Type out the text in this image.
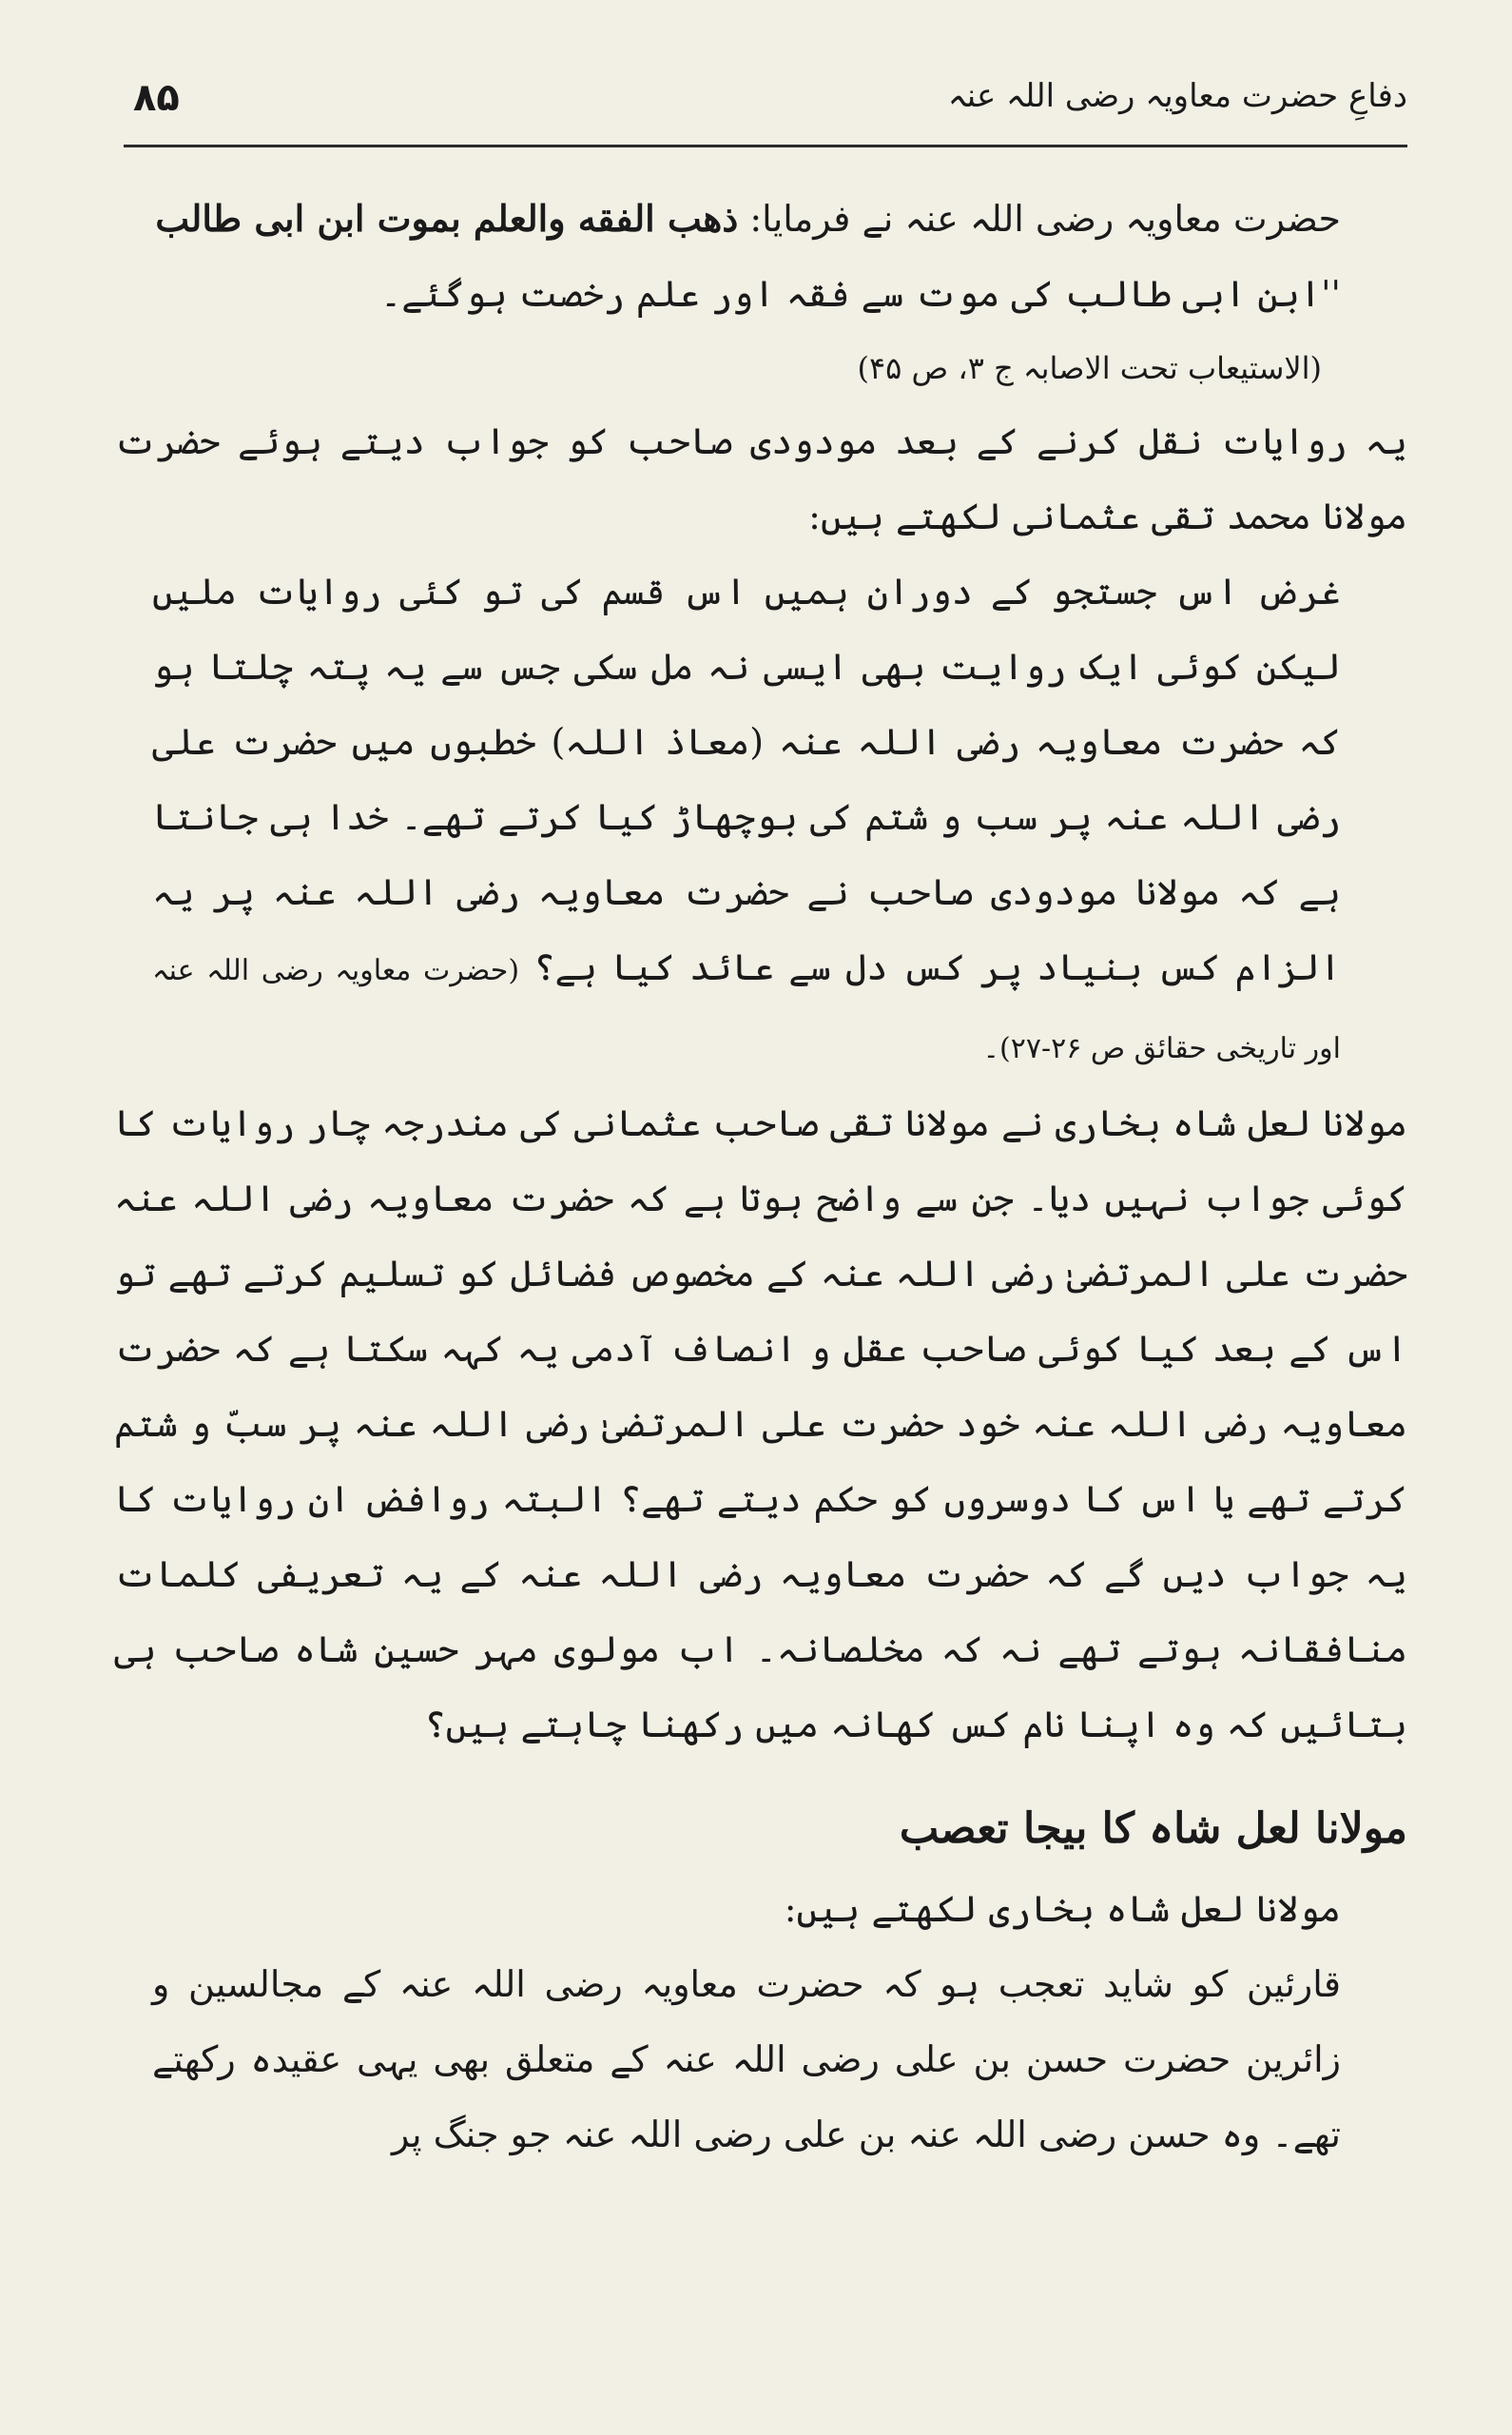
۸۵	دفاعِ حضرت معاویہ رضی اللہ عنہ

حضرت معاویہ رضی اللہ عنہ نے فرمایا: ذهب الفقه والعلم بموت ابن ابی طالب
''ابن ابی طالب کی موت سے فقہ اور علم رخصت ہوگئے۔

(الاستیعاب تحت الاصابہ ج ۳، ص ۴۵)

یہ روایات نقل کرنے کے بعد مودودی صاحب کو جواب دیتے ہوئے حضرت مولانا محمد تقی عثمانی لکھتے ہیں:

غرض اس جستجو کے دوران ہمیں اس قسم کی تو کئی روایات ملیں لیکن کوئی ایک روایت بھی ایسی نہ مل سکی جس سے یہ پتہ چلتا ہو کہ حضرت معاویہ رضی اللہ عنہ (معاذ اللہ) خطبوں میں حضرت علی رضی اللہ عنہ پر سب و شتم کی بوچھاڑ کیا کرتے تھے۔ خدا ہی جانتا ہے کہ مولانا مودودی صاحب نے حضرت معاویہ رضی اللہ عنہ پر یہ الزام کس بنیاد پر کس دل سے عائد کیا ہے؟ (حضرت معاویہ رضی اللہ عنہ اور تاریخی حقائق ص ۲۶-۲۷)۔

مولانا لعل شاہ بخاری نے مولانا تقی صاحب عثمانی کی مندرجہ چار روایات کا کوئی جواب نہیں دیا۔ جن سے واضح ہوتا ہے کہ حضرت معاویہ رضی اللہ عنہ حضرت علی المرتضیٰ رضی اللہ عنہ کے مخصوص فضائل کو تسلیم کرتے تھے تو اس کے بعد کیا کوئی صاحب عقل و انصاف آدمی یہ کہہ سکتا ہے کہ حضرت معاویہ رضی اللہ عنہ خود حضرت علی المرتضیٰ رضی اللہ عنہ پر سبّ و شتم کرتے تھے یا اس کا دوسروں کو حکم دیتے تھے؟ البتہ روافض ان روایات کا یہ جواب دیں گے کہ حضرت معاویہ رضی اللہ عنہ کے یہ تعریفی کلمات منافقانہ ہوتے تھے نہ کہ مخلصانہ۔ اب مولوی مہر حسین شاہ صاحب ہی بتائیں کہ وہ اپنا نام کس کھانہ میں رکھنا چاہتے ہیں؟

مولانا لعل شاہ کا بیجا تعصب

مولانا لعل شاہ بخاری لکھتے ہیں:

قارئین کو شاید تعجب ہو کہ حضرت معاویہ رضی اللہ عنہ کے مجالسین و زائرین حضرت حسن بن علی رضی اللہ عنہ کے متعلق بھی یہی عقیدہ رکھتے تھے۔ وہ حسن رضی اللہ عنہ بن علی رضی اللہ عنہ جو جنگ پر
